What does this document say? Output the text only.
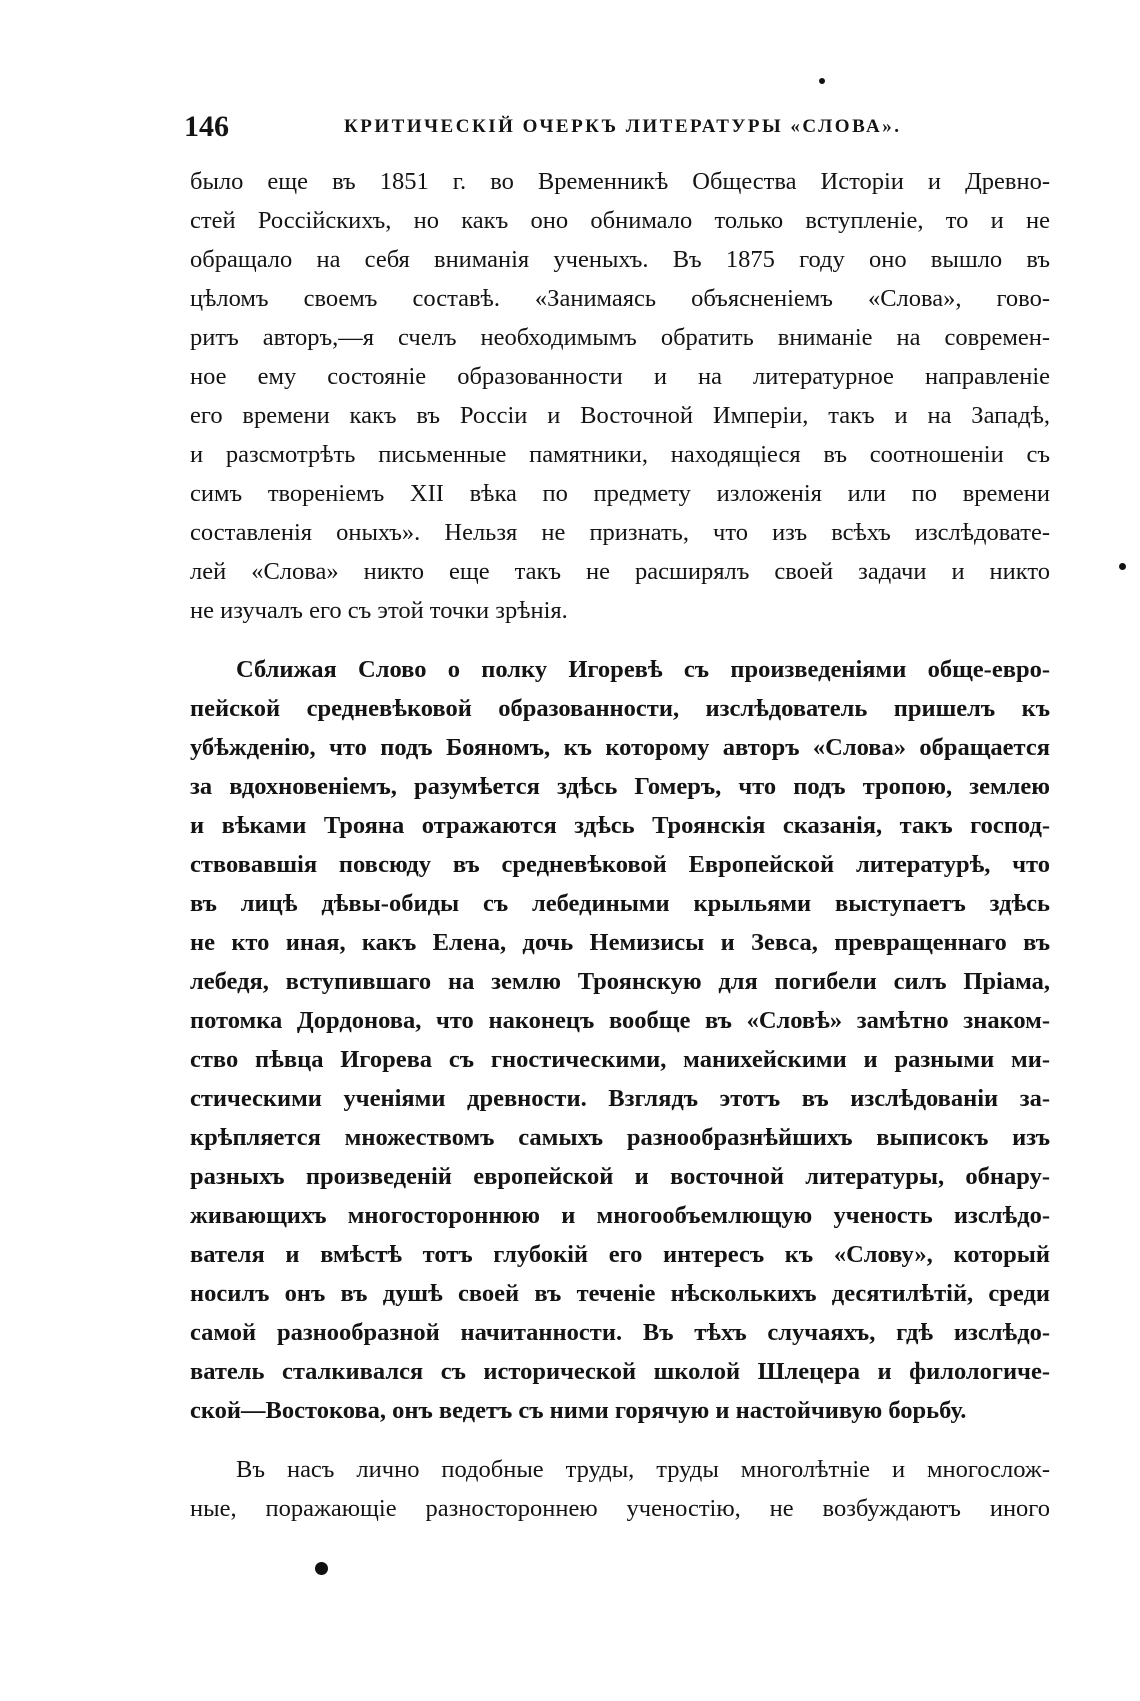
146	КРИТИЧЕСКІЙ ОЧЕРКЪ ЛИТЕРАТУРЫ «СЛОВА».
было еще въ 1851 г. во Временникѣ Общества Исторіи и Древно-
стей Россійскихъ, но какъ оно обнимало только вступленіе, то и не
обращало на себя вниманія ученыхъ. Въ 1875 году оно вышло въ
цѣломъ своемъ составѣ. «Занимаясь объясненіемъ «Слова», гово-
ритъ авторъ,—я счелъ необходимымъ обратить вниманіе на современ-
ное ему состояніе образованности и на литературное направленіе
его времени какъ въ Россіи и Восточной Имперіи, такъ и на Западѣ,
и разсмотрѣть письменные памятники, находящіеся въ соотношеніи съ
симъ твореніемъ XII вѣка по предмету изложенія или по времени
составленія оныхъ». Нельзя не признать, что изъ всѣхъ изслѣдовате-
лей «Слова» никто еще такъ не расширялъ своей задачи и никто
не изучалъ его съ этой точки зрѣнія.
Сближая Слово о полку Игоревѣ съ произведеніями обще-евро-
пейской средневѣковой образованности, изслѣдователь пришелъ къ
убѣжденію, что подъ Бояномъ, къ которому авторъ «Слова» обращается
за вдохновеніемъ, разумѣется здѣсь Гомеръ, что подъ тропою, землею
и вѣками Трояна отражаются здѣсь Троянскія сказанія, такъ господ-
ствовавшія повсюду въ средневѣковой Европейской литературѣ, что
въ лицѣ дѣвы-обиды съ лебедиными крыльями выступаетъ здѣсь
не кто иная, какъ Елена, дочь Немизисы и Зевса, превращеннаго въ
лебедя, вступившаго на землю Троянскую для погибели силъ Пріама,
потомка Дордонова, что наконецъ вообще въ «Словѣ» замѣтно знаком-
ство пѣвца Игорева съ гностическими, манихейскими и разными ми-
стическими ученіями древности. Взглядъ этотъ въ изслѣдованіи за-
крѣпляется множествомъ самыхъ разнообразнѣйшихъ выписокъ изъ
разныхъ произведеній европейской и восточной литературы, обнару-
живающихъ многостороннюю и многообъемлющую ученость изслѣдо-
вателя и вмѣстѣ тотъ глубокій его интересъ къ «Слову», который
носилъ онъ въ душѣ своей въ теченіе нѣсколькихъ десятилѣтій, среди
самой разнообразной начитанности. Въ тѣхъ случаяхъ, гдѣ изслѣдо-
ватель сталкивался съ исторической школой Шлецера и филологиче-
ской—Востокова, онъ ведетъ съ ними горячую и настойчивую борьбу.
Въ насъ лично подобные труды, труды многолѣтніе и многослож-
ные, поражающіе разностороннею ученостію, не возбуждаютъ иного
